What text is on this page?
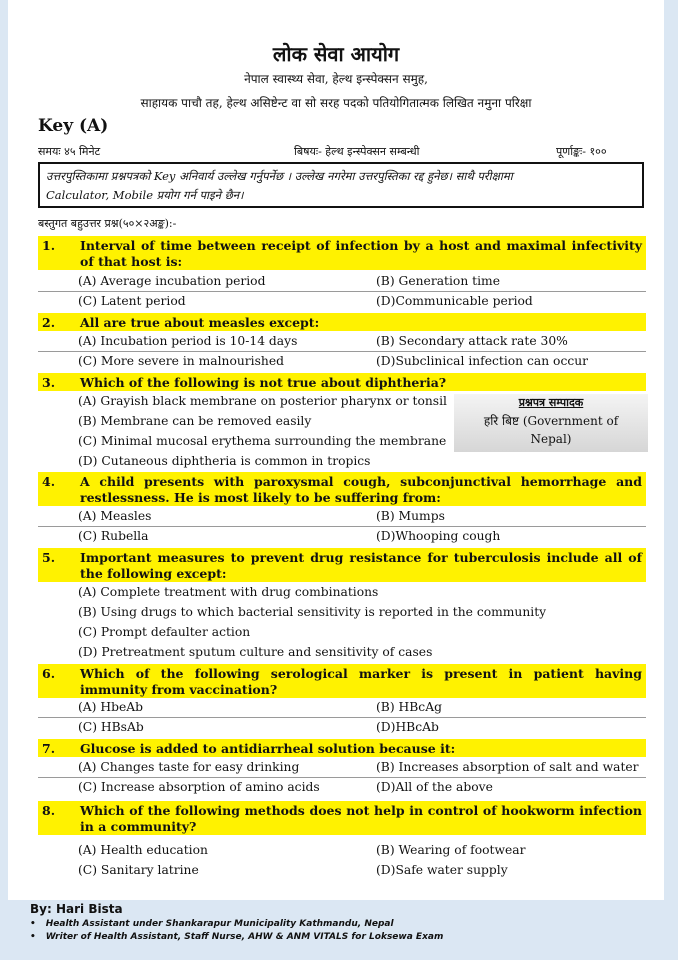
लोक सेवा आयोग
नेपाल स्वास्थ्य सेवा, हेल्थ इन्स्पेक्सन समुह,
साहायक पाचौ तह, हेल्थ असिष्टेन्ट वा सो सरह पदको पतियोगितात्मक लिखित नमुना परिक्षा
Key (A)
समयः ४५ मिनेट	बिषयः- हेल्थ इन्स्पेक्सन सम्बन्धी	पूर्णाङ्कः- १००
उत्तरपुस्तिकामा प्रश्नपत्रको Key अनिवार्य उल्लेख गर्नुपर्नेछ । उल्लेख नगरेमा उत्तरपुस्तिका रद्द हुनेछ। साथै परीक्षामा
Calculator, Mobile प्रयोग गर्न पाइने छैन।
बस्तुगत बहुउत्तर प्रश्न(५०×२अङ्क):-
1. Interval of time between receipt of infection by a host and maximal infectivity of that host is:
(A) Average incubation period	(B) Generation time
(C) Latent period	(D)Communicable period
2. All are true about measles except:
(A) Incubation period is 10-14 days	(B) Secondary attack rate 30%
(C) More severe in malnourished	(D)Subclinical infection can occur
3. Which of the following is not true about diphtheria?
(A) Grayish black membrane on posterior pharynx or tonsil
(B) Membrane can be removed easily
(C) Minimal mucosal erythema surrounding the membrane
(D) Cutaneous diphtheria is common in tropics
प्रश्नपत्र सम्पादक
हरि बिष्ट (Government of
Nepal)
4. A child presents with paroxysmal cough, subconjunctival hemorrhage and restlessness. He is most likely to be suffering from:
(A) Measles	(B) Mumps
(C) Rubella	(D)Whooping cough
5. Important measures to prevent drug resistance for tuberculosis include all of the following except:
(A) Complete treatment with drug combinations
(B) Using drugs to which bacterial sensitivity is reported in the community
(C) Prompt defaulter action
(D) Pretreatment sputum culture and sensitivity of cases
6. Which of the following serological marker is present in patient having immunity from vaccination?
(A) HbeAb	(B) HBcAg
(C) HBsAb	(D)HBcAb
7. Glucose is added to antidiarrheal solution because it:
(A) Changes taste for easy drinking	(B) Increases absorption of salt and water
(C) Increase absorption of amino acids	(D)All of the above
8. Which of the following methods does not help in control of hookworm infection in a community?
(A) Health education	(B) Wearing of footwear
(C) Sanitary latrine	(D)Safe water supply
By: Hari Bista
• Health Assistant under Shankarapur Municipality Kathmandu, Nepal
• Writer of Health Assistant, Staff Nurse, AHW & ANM VITALS for Loksewa Exam
